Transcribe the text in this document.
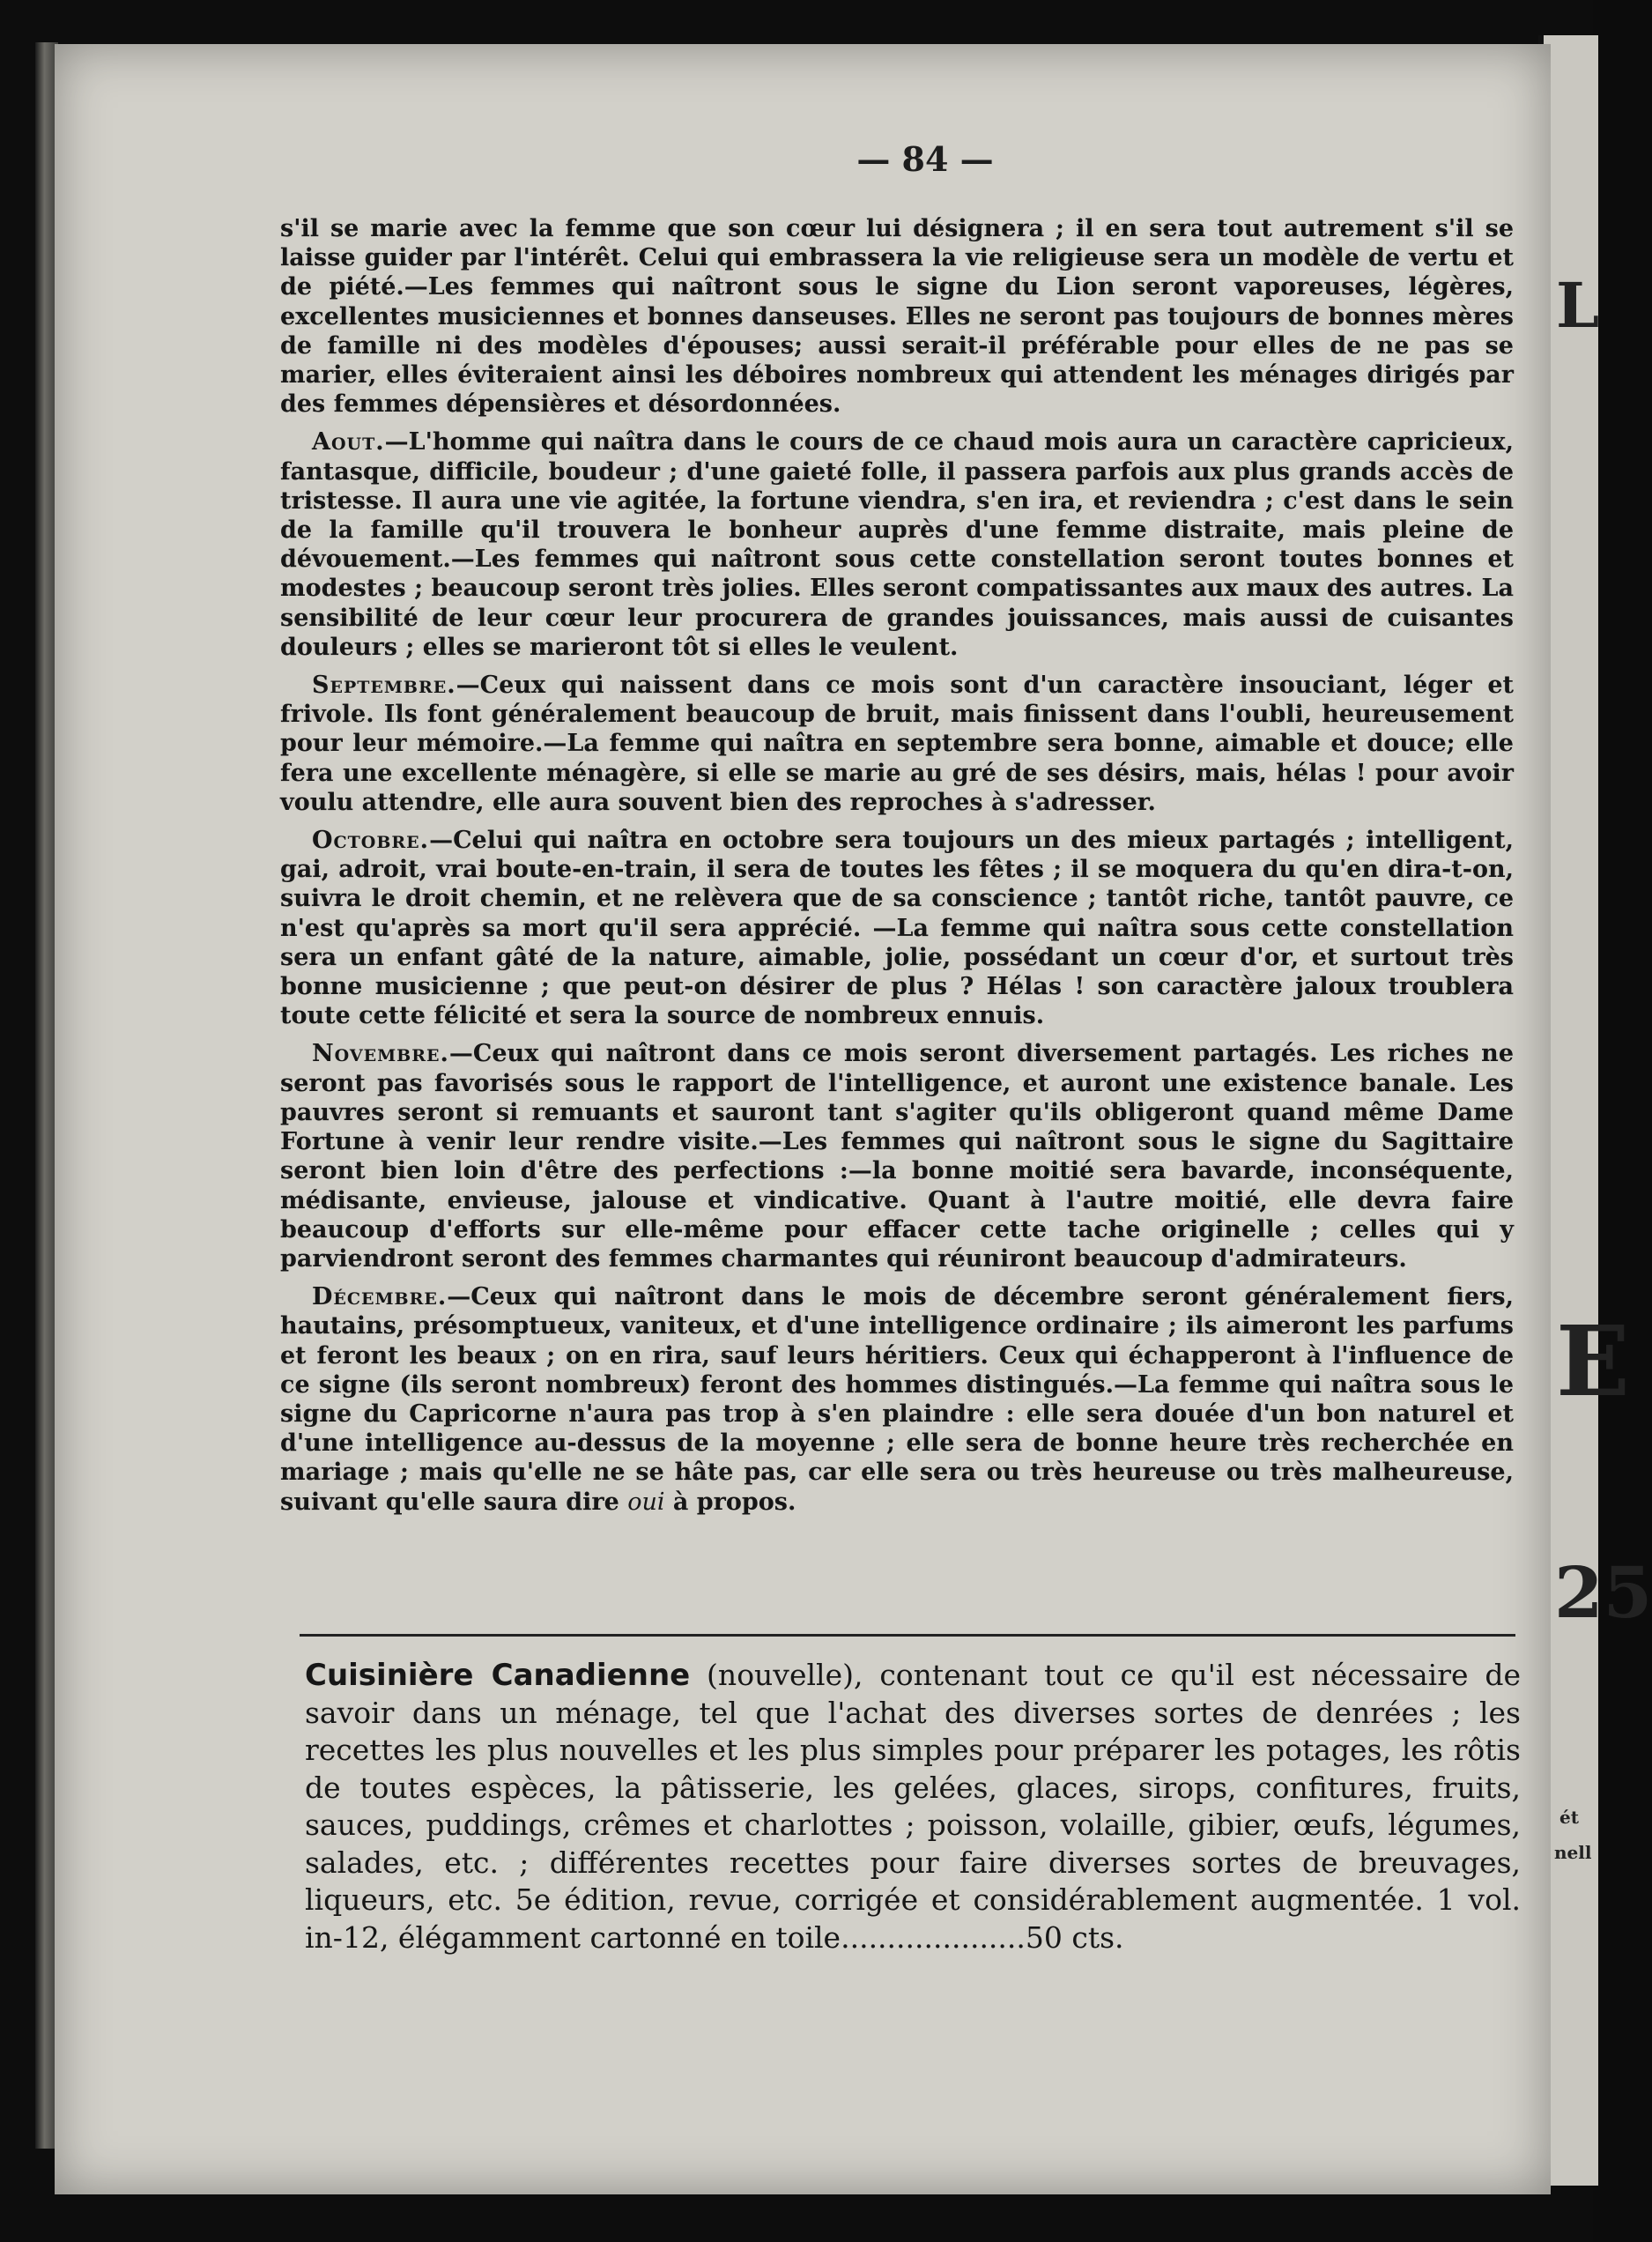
L
E
25
ét
nell
— 84 —

s'il se marie avec la femme que son cœur lui désignera ; il en sera tout autrement s'il se laisse guider par l'intérêt. Celui qui embrassera la vie religieuse sera un modèle de vertu et de piété.—Les femmes qui naîtront sous le signe du Lion seront vaporeuses, légères, excellentes musiciennes et bonnes danseuses. Elles ne seront pas toujours de bonnes mères de famille ni des modèles d'épouses; aussi serait-il préférable pour elles de ne pas se marier, elles éviteraient ainsi les déboires nombreux qui attendent les ménages dirigés par des femmes dépensières et désordonnées.

Aout.—L'homme qui naîtra dans le cours de ce chaud mois aura un caractère capricieux, fantasque, difficile, boudeur ; d'une gaieté folle, il passera parfois aux plus grands accès de tristesse. Il aura une vie agitée, la fortune viendra, s'en ira, et reviendra ; c'est dans le sein de la famille qu'il trouvera le bonheur auprès d'une femme distraite, mais pleine de dévouement.—Les femmes qui naîtront sous cette constellation seront toutes bonnes et modestes ; beaucoup seront très jolies. Elles seront compatissantes aux maux des autres. La sensibilité de leur cœur leur procurera de grandes jouissances, mais aussi de cuisantes douleurs ; elles se marieront tôt si elles le veulent.

Septembre.—Ceux qui naissent dans ce mois sont d'un caractère insouciant, léger et frivole. Ils font généralement beaucoup de bruit, mais finissent dans l'oubli, heureusement pour leur mémoire.—La femme qui naîtra en septembre sera bonne, aimable et douce; elle fera une excellente ménagère, si elle se marie au gré de ses désirs, mais, hélas ! pour avoir voulu attendre, elle aura souvent bien des reproches à s'adresser.

Octobre.—Celui qui naîtra en octobre sera toujours un des mieux partagés ; intelligent, gai, adroit, vrai boute-en-train, il sera de toutes les fêtes ; il se moquera du qu'en dira-t-on, suivra le droit chemin, et ne relèvera que de sa conscience ; tantôt riche, tantôt pauvre, ce n'est qu'après sa mort qu'il sera apprécié. —La femme qui naîtra sous cette constellation sera un enfant gâté de la nature, aimable, jolie, possédant un cœur d'or, et surtout très bonne musicienne ; que peut-on désirer de plus ? Hélas ! son caractère jaloux troublera toute cette félicité et sera la source de nombreux ennuis.

Novembre.—Ceux qui naîtront dans ce mois seront diversement partagés. Les riches ne seront pas favorisés sous le rapport de l'intelligence, et auront une existence banale. Les pauvres seront si remuants et sauront tant s'agiter qu'ils obligeront quand même Dame Fortune à venir leur rendre visite.—Les femmes qui naîtront sous le signe du Sagittaire seront bien loin d'être des perfections :—la bonne moitié sera bavarde, inconséquente, médisante, envieuse, jalouse et vindicative. Quant à l'autre moitié, elle devra faire beaucoup d'efforts sur elle-même pour effacer cette tache originelle ; celles qui y parviendront seront des femmes charmantes qui réuniront beaucoup d'admirateurs.

Décembre.—Ceux qui naîtront dans le mois de décembre seront généralement fiers, hautains, présomptueux, vaniteux, et d'une intelligence ordinaire ; ils aimeront les parfums et feront les beaux ; on en rira, sauf leurs héritiers. Ceux qui échapperont à l'influence de ce signe (ils seront nombreux) feront des hommes distingués.—La femme qui naîtra sous le signe du Capricorne n'aura pas trop à s'en plaindre : elle sera douée d'un bon naturel et d'une intelligence au-dessus de la moyenne ; elle sera de bonne heure très recherchée en mariage ; mais qu'elle ne se hâte pas, car elle sera ou très heureuse ou très malheureuse, suivant qu'elle saura dire oui à propos.

Cuisinière Canadienne (nouvelle), contenant tout ce qu'il est nécessaire de savoir dans un ménage, tel que l'achat des diverses sortes de denrées ; les recettes les plus nouvelles et les plus simples pour préparer les potages, les rôtis de toutes espèces, la pâtisserie, les gelées, glaces, sirops, confitures, fruits, sauces, puddings, crêmes et charlottes ; poisson, volaille, gibier, œufs, légumes, salades, etc. ; différentes recettes pour faire diverses sortes de breuvages, liqueurs, etc. 5e édition, revue, corrigée et considérablement augmentée. 1 vol. in-12, élégamment cartonné en toile....................50 cts.
